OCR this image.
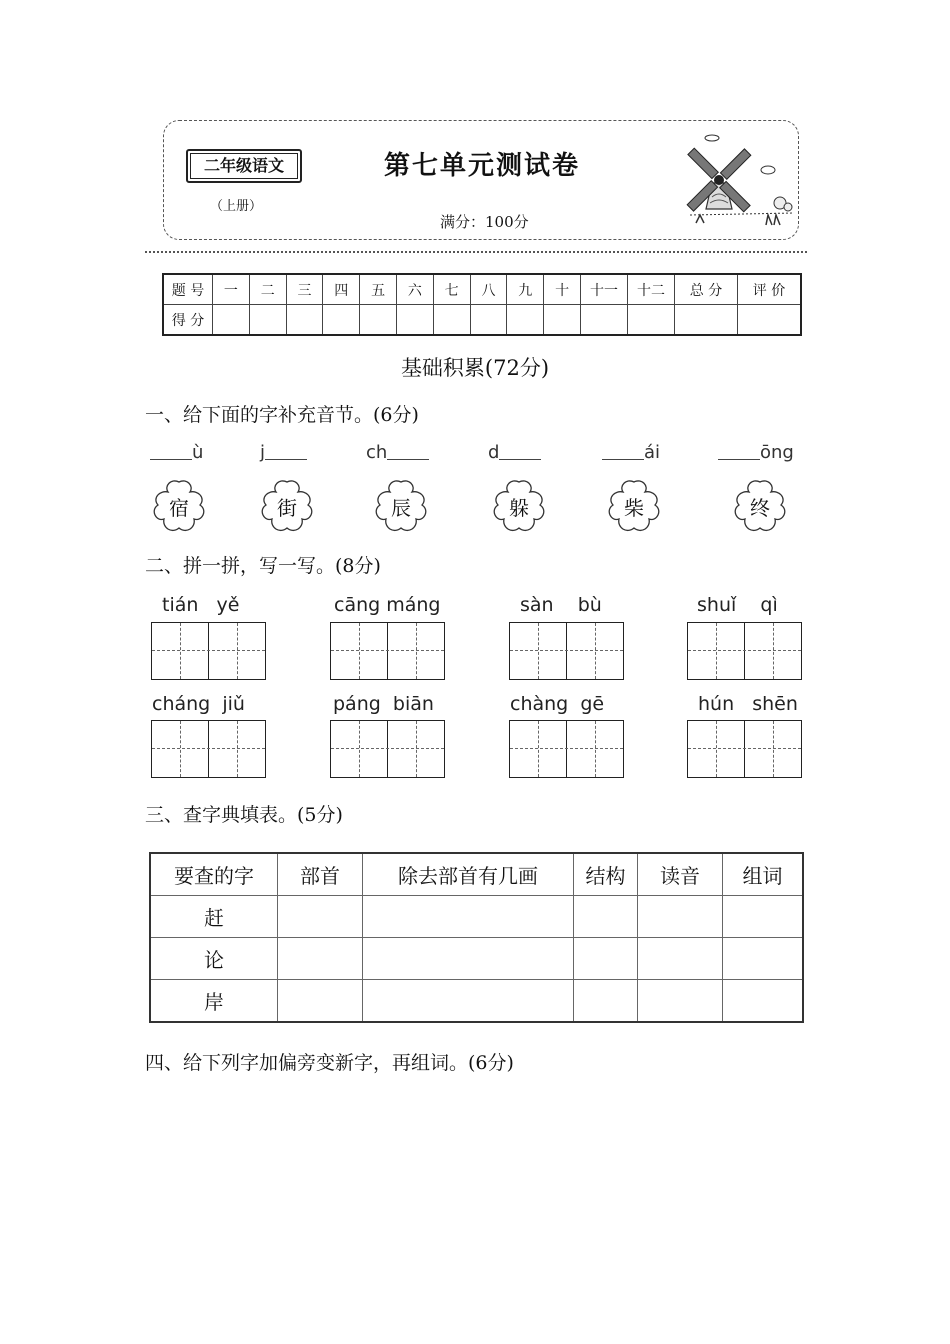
二年级语文
（上册）
第七单元测试卷
满分：100分
题 号	一	二	三	四	五	六	七	八	九	十	十一	十二	总 分	评 价
得 分														
基础积累(72分)
一、给下面的字补充音节。(6分)
ù	j	ch	d	ái	ōng
宿	街	辰	躲	柴	终
二、拼一拼，写一写。(8分)
tián   yě	cāng máng	sàn    bù	shuǐ    qì
cháng  jiǔ	páng  biān	chàng  gē	hún   shēn
三、查字典填表。(5分)
要查的字	部首	除去部首有几画	结构	读音	组词
赶					
论					
岸					
四、给下列字加偏旁变新字，再组词。(6分)
